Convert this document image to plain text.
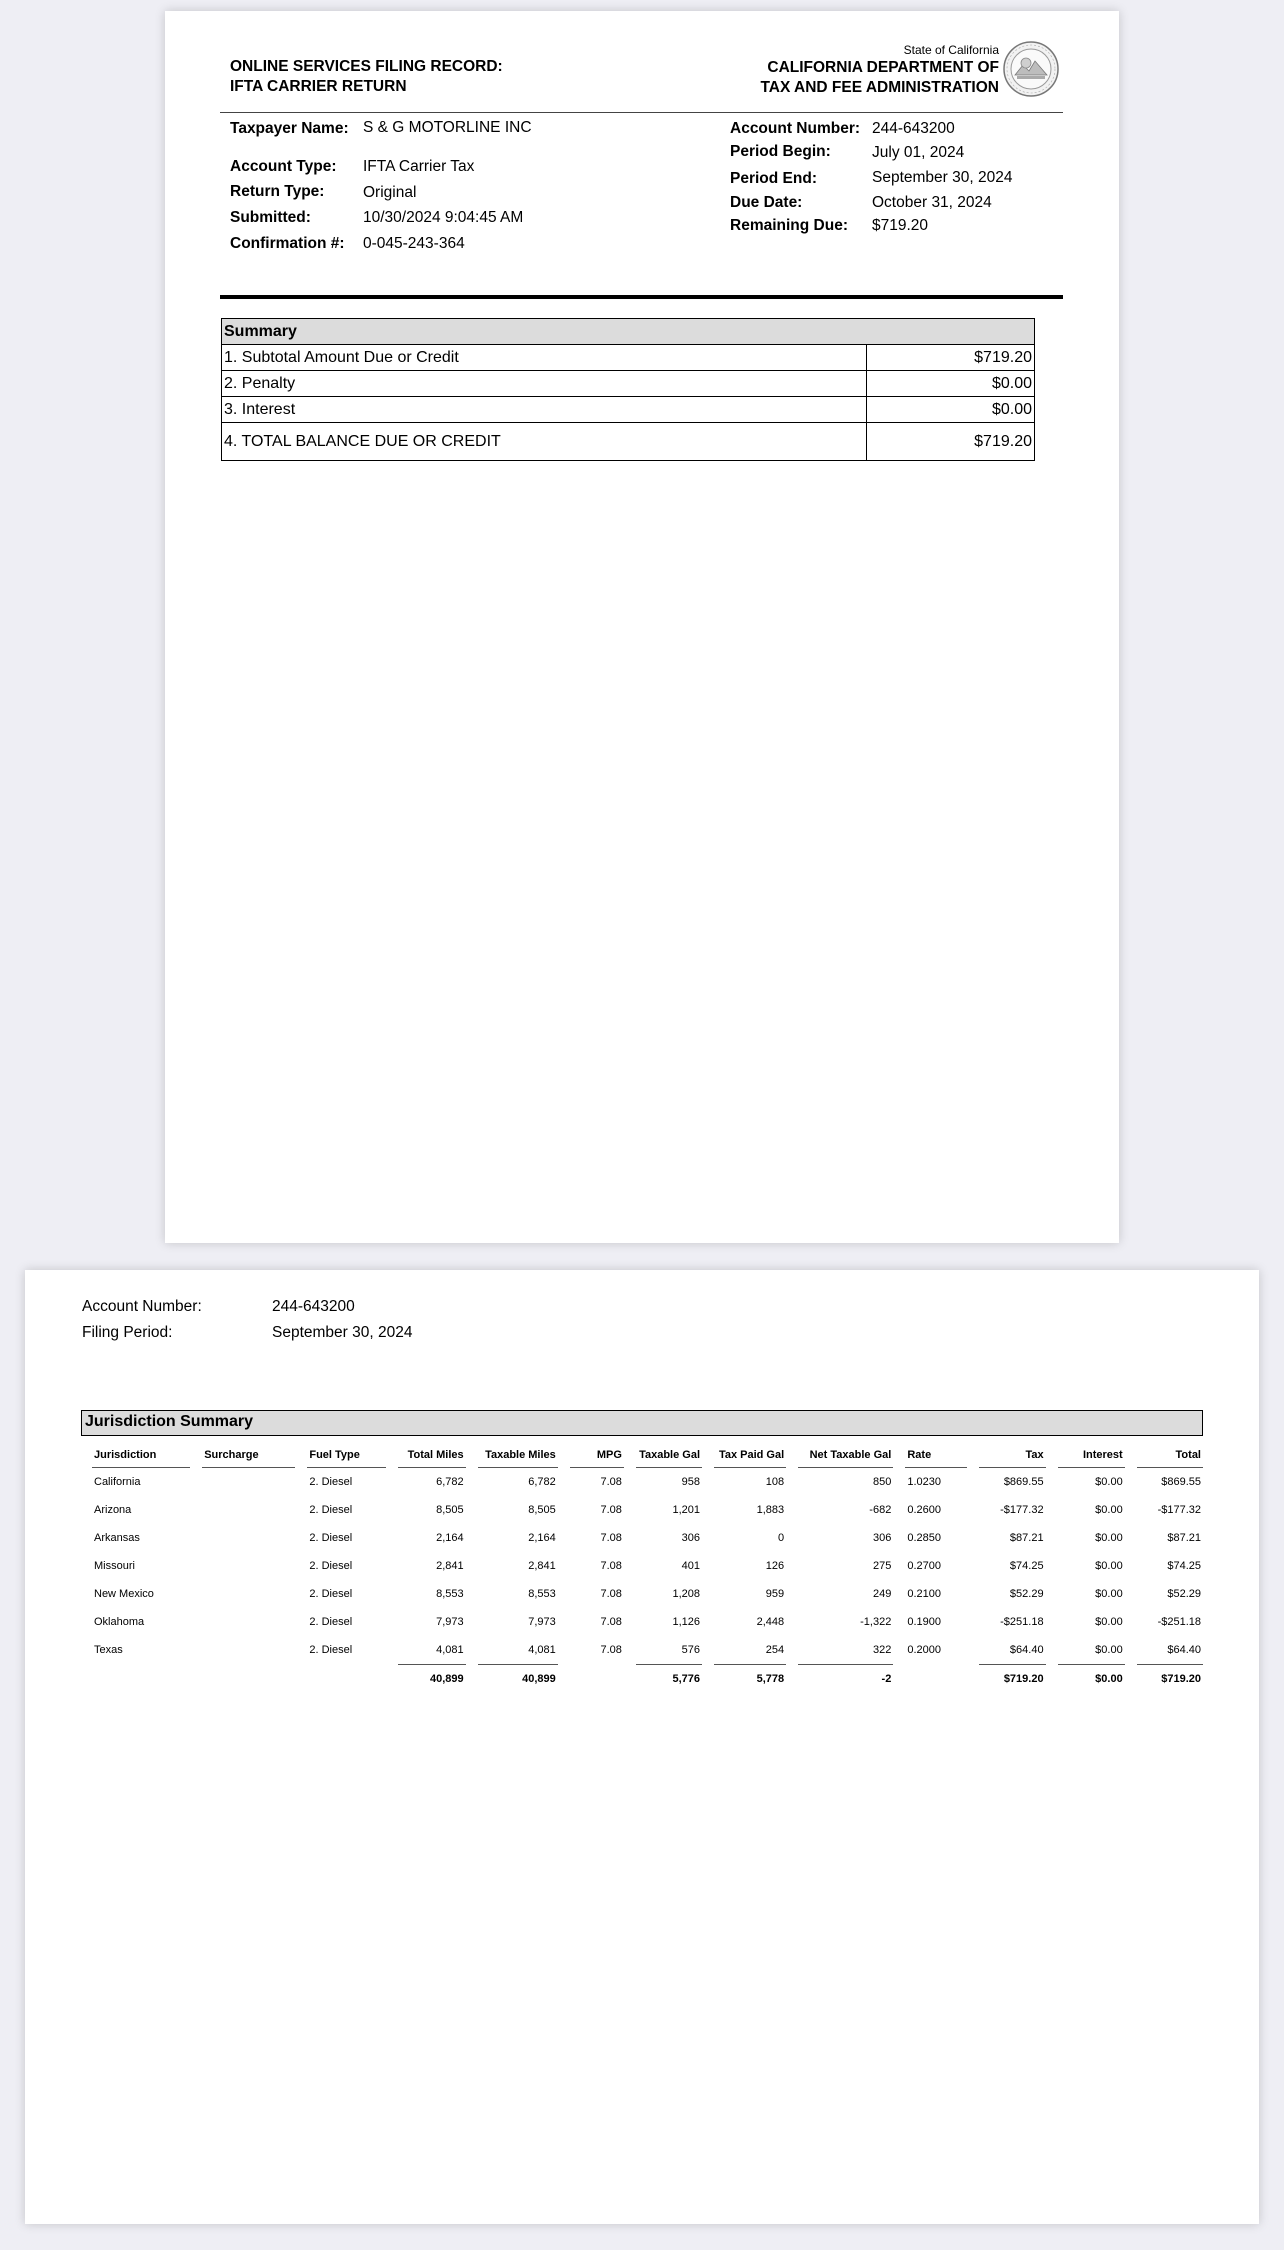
ONLINE SERVICES FILING RECORD:
IFTA CARRIER RETURN
State of California
CALIFORNIA DEPARTMENT OF
TAX AND FEE ADMINISTRATION
Taxpayer Name: S & G MOTORLINE INC
Account Type: IFTA Carrier Tax
Return Type: Original
Submitted:	10/30/2024 9:04:45 AM
Confirmation #: 0-045-243-364
Account Number: 244-643200
Period Begin:	July 01, 2024
Period End:	September 30, 2024
Due Date:	October 31, 2024
Remaining Due: $719.20
Summary	
1. Subtotal Amount Due or Credit	$719.20
2. Penalty	$0.00
3. Interest	$0.00
4. TOTAL BALANCE DUE OR CREDIT	$719.20
Account Number:	244-643200
Filing Period:	September 30, 2024
Jurisdiction Summary
Jurisdiction		Surcharge		Fuel Type		Total Miles		Taxable Miles		MPG		Taxable Gal		Tax Paid Gal		Net Taxable Gal		Rate		Tax		Interest		Total
California				2. Diesel		6,782		6,782		7.08		958		108		850		1.0230		$869.55		$0.00		$869.55
Arizona				2. Diesel		8,505		8,505		7.08		1,201		1,883		-682		0.2600		-$177.32		$0.00		-$177.32
Arkansas				2. Diesel		2,164		2,164		7.08		306		0		306		0.2850		$87.21		$0.00		$87.21
Missouri				2. Diesel		2,841		2,841		7.08		401		126		275		0.2700		$74.25		$0.00		$74.25
New Mexico				2. Diesel		8,553		8,553		7.08		1,208		959		249		0.2100		$52.29		$0.00		$52.29
Oklahoma				2. Diesel		7,973		7,973		7.08		1,126		2,448		-1,322		0.1900		-$251.18		$0.00		-$251.18
Texas				2. Diesel		4,081		4,081		7.08		576		254		322		0.2000		$64.40		$0.00		$64.40
						40,899		40,899				5,776		5,778		-2				$719.20		$0.00		$719.20
